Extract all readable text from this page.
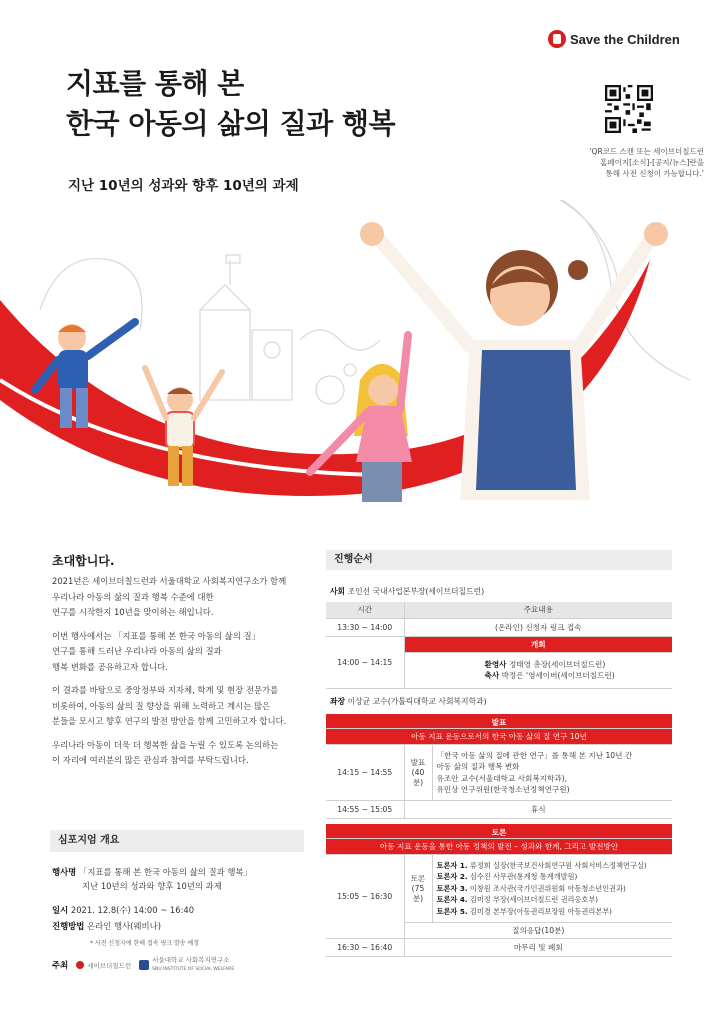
Save the Children
지표를 통해 본
한국 아동의 삶의 질과 행복
지난 10년의 성과와 향후 10년의 과제
'QR코드 스캔 또는 세이브더칠드런
홈페이지[소식]-[공지/뉴스]란을
통해 사전 신청이 가능합니다.'
초대합니다.

2021년은 세이브더칠드런과 서울대학교 사회복지연구소가 함께
우리나라 아동의 삶의 질과 행복 수준에 대한
연구를 시작한지 10년을 맞이하는 해입니다.

이번 행사에서는 「지표를 통해 본 한국 아동의 삶의 질」
연구를 통해 드러난 우리나라 아동의 삶의 질과
행복 변화를 공유하고자 합니다.

이 결과를 바탕으로 중앙정부와 지자체, 학계 및 현장 전문가를
비롯하여, 아동의 삶의 질 향상을 위해 노력하고 계시는 많은
분들을 모시고 향후 연구의 발전 방안을 함께 고민하고자 합니다.

우리나라 아동이 더욱 더 행복한 삶을 누릴 수 있도록 논의하는
이 자리에 여러분의 많은 관심과 참여를 부탁드립니다.

심포지엄 개요
행사명 「지표를 통해 본 한국 아동의 삶의 질과 행복」
지난 10년의 성과와 향후 10년의 과제
일시 2021. 12.8(수) 14:00 ~ 16:40
진행방법 온라인 행사(웨비나)
* 사전 신청자에 한해 접속 링크 발송 예정
주최	세이브더칠드런
서울대학교 사회복지연구소
SNU INSTITUTE OF SOCIAL WELFARE
진행순서
사회 조인선 국내사업본부장(세이브더칠드런)
시간	주요내용
13:30 ~ 14:00	(온라인) 신청자 링크 접속
14:00 ~ 14:15	개회
	환영사 정태영 총장(세이브더칠드런)
축사 박정은 '영세이버(세이브더칠드런)
좌장 이상균 교수(가톨릭대학교 사회복지학과)
발표		
아동 지표 운동으로서의 한국 아동 삶의 질 연구 10년		
14:15 ~ 14:55	발표
(40분)	「한국 아동 삶의 질에 관한 연구」를 통해 본 지난 10년 간
아동 삶의 질과 행복 변화
유조안 교수(서울대학교 사회복지학과),
유민상 연구위원(한국청소년정책연구원)
14:55 ~ 15:05	휴식	
토론		
아동 지표 운동을 통한 아동 정책의 발전 – 성과와 한계, 그리고 발전방안		
15:05 ~ 16:30	토론
(75분)	토론자 1. 류정희 실장(한국보건사회연구원 사회서비스정책연구실)
토론자 2. 심수진 사무관(통계청 통계개발원)
토론자 3. 이창원 조사관(국가인권위원회 아동청소년인권과)
토론자 4. 김미정 부장(세이브더칠드런 권리옹호부)
토론자 5. 김미경 본부장(아동권리보장원 아동권리본부)
	질의응답(10분)	
16:30 ~ 16:40	마무리 및 폐회	
